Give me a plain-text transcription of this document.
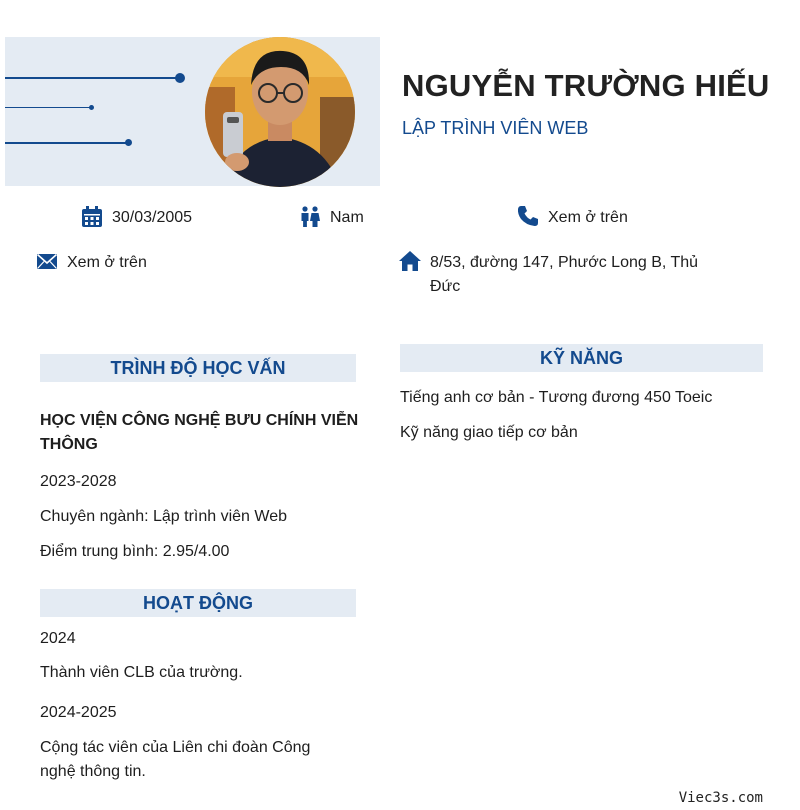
NGUYỄN TRƯỜNG HIẾU
LẬP TRÌNH VIÊN WEB
30/03/2005	Nam	Xem ở trên
Xem ở trên	8/53, đường 147, Phước Long B, Thủ Đức
TRÌNH ĐỘ HỌC VẤN
HỌC VIỆN CÔNG NGHỆ BƯU CHÍNH VIỄN THÔNG
2023-2028
Chuyên ngành: Lập trình viên Web
Điểm trung bình: 2.95/4.00
HOẠT ĐỘNG
2024
Thành viên CLB của trường.
2024-2025
Cộng tác viên của Liên chi đoàn Công nghệ thông tin.
KỸ NĂNG
Tiếng anh cơ bản - Tương đương 450 Toeic
Kỹ năng giao tiếp cơ bản
Viec3s.com
